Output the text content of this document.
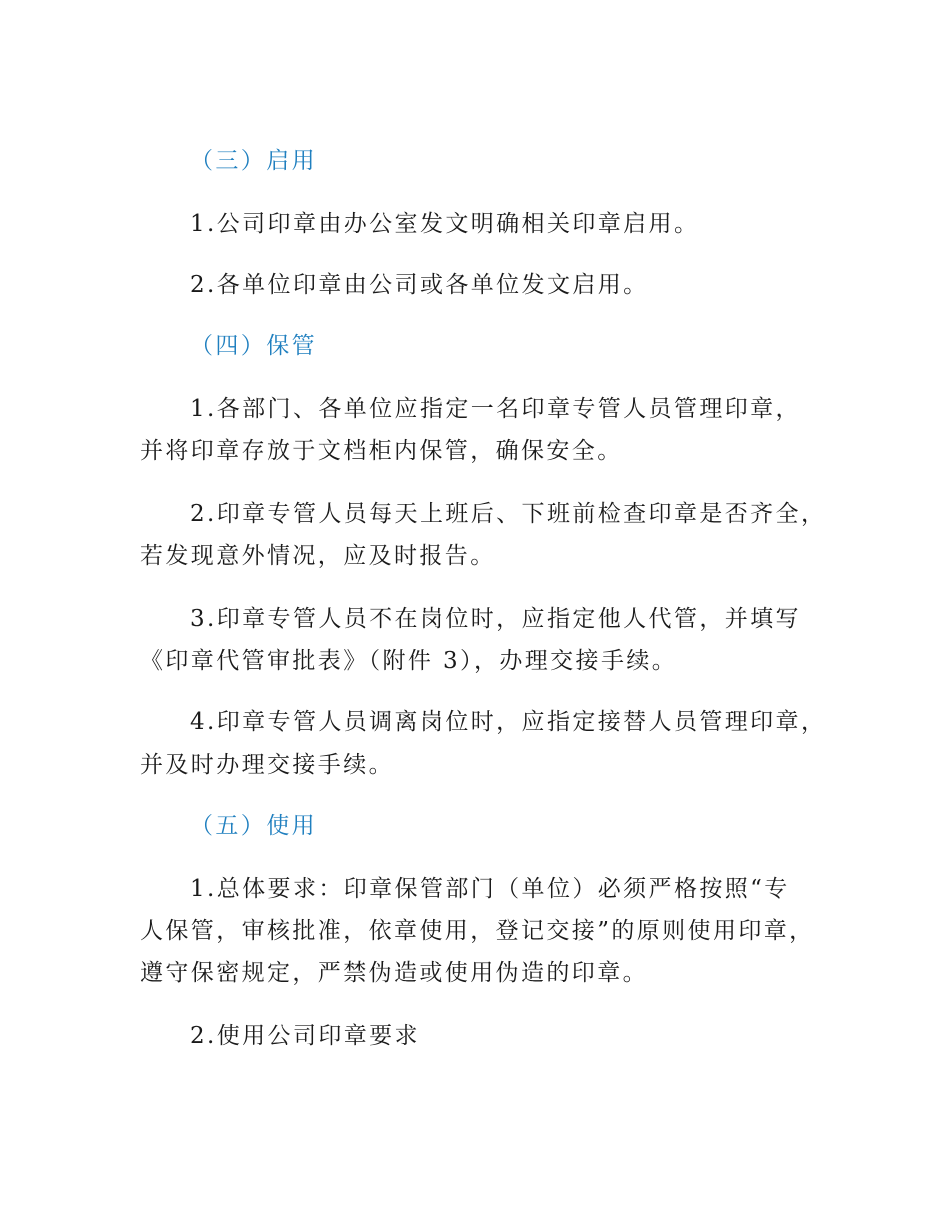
（三）启用
1.公司印章由办公室发文明确相关印章启用。
2.各单位印章由公司或各单位发文启用。
（四）保管
1.各部门、各单位应指定一名印章专管人员管理印章，
并将印章存放于文档柜内保管，确保安全。
2.印章专管人员每天上班后、下班前检查印章是否齐全，
若发现意外情况，应及时报告。
3.印章专管人员不在岗位时，应指定他人代管，并填写
《印章代管审批表》（附件 3），办理交接手续。
4.印章专管人员调离岗位时，应指定接替人员管理印章，
并及时办理交接手续。
（五）使用
1.总体要求：印章保管部门（单位）必须严格按照“专
人保管，审核批准，依章使用，登记交接”的原则使用印章，
遵守保密规定，严禁伪造或使用伪造的印章。
2.使用公司印章要求
